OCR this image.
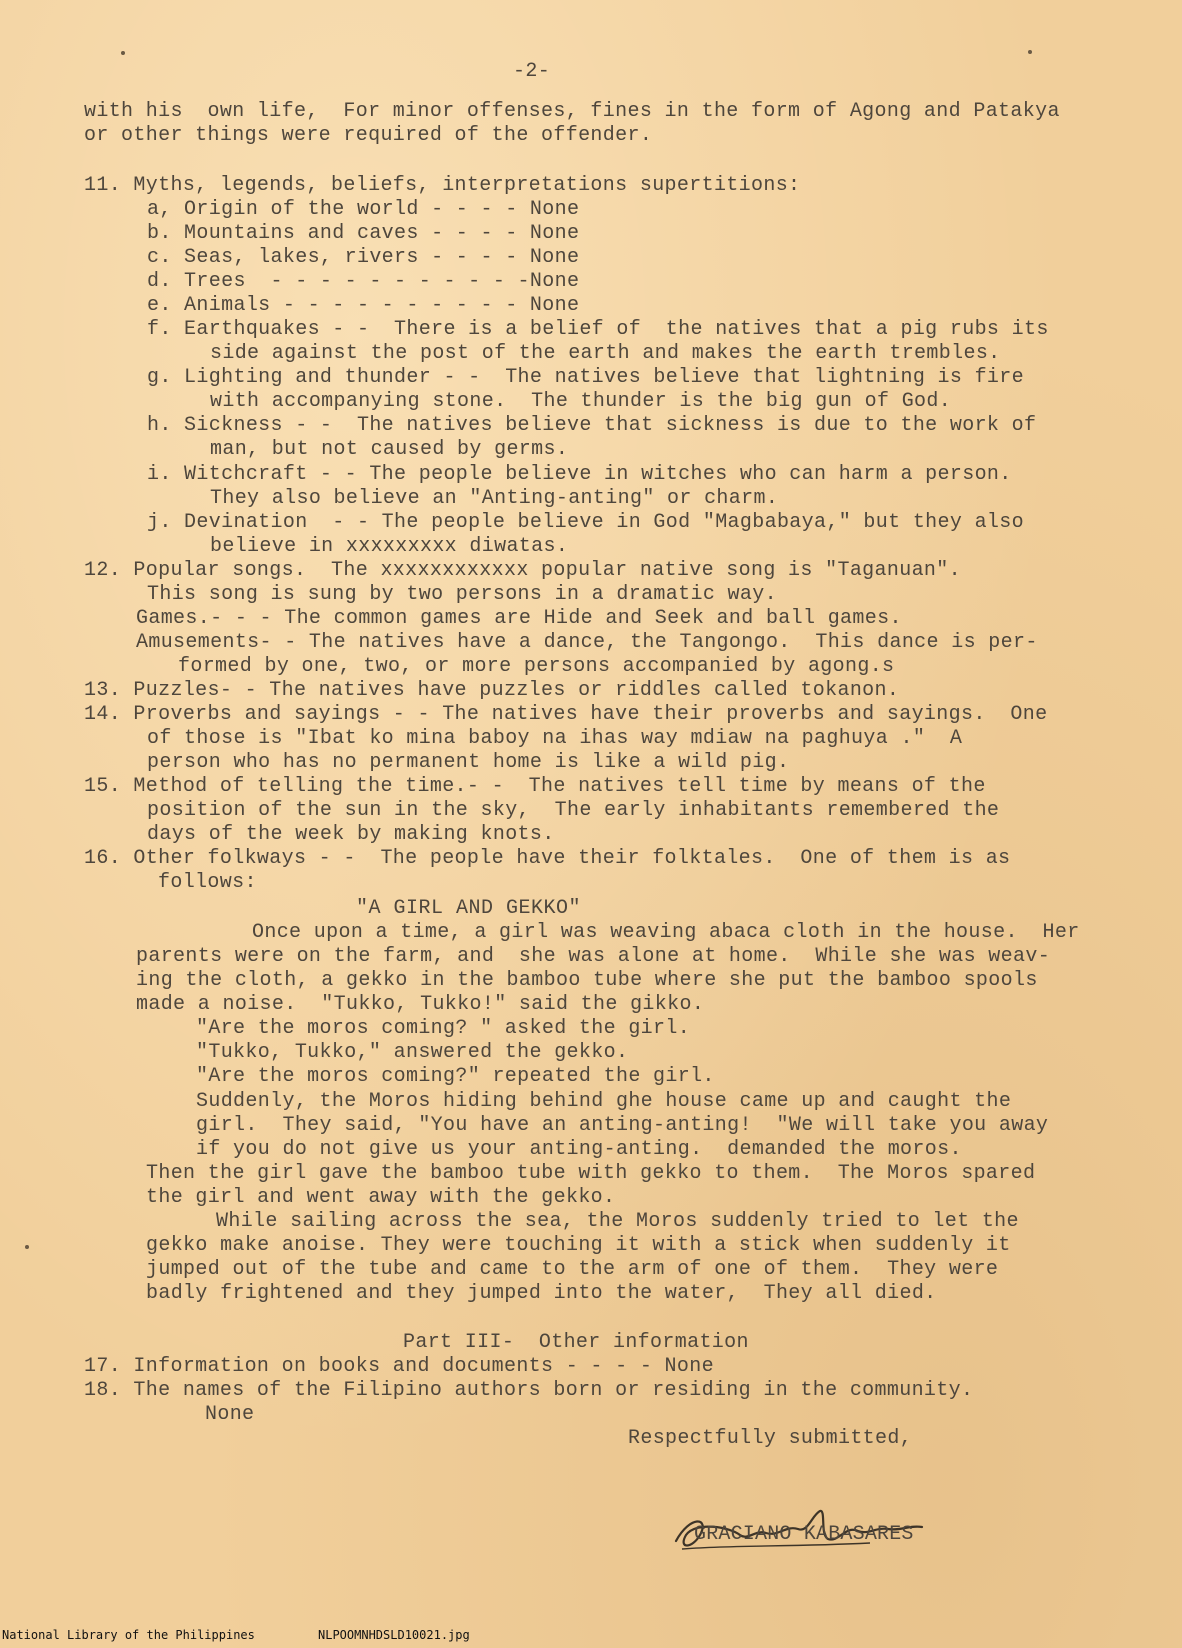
-2-
with his  own life,  For minor offenses, fines in the form of Agong and Patakya
or other things were required of the offender.
11. Myths, legends, beliefs, interpretations supertitions:
a, Origin of the world - - - - None
b. Mountains and caves - - - - None
c. Seas, lakes, rivers - - - - None
d. Trees  - - - - - - - - - - -None
e. Animals - - - - - - - - - - None
f. Earthquakes - -  There is a belief of  the natives that a pig rubs its
side against the post of the earth and makes the earth trembles.
g. Lighting and thunder - -  The natives believe that lightning is fire
with accompanying stone.  The thunder is the big gun of God.
h. Sickness - -  The natives believe that sickness is due to the work of
man, but not caused by germs.
i. Witchcraft - - The people believe in witches who can harm a person.
They also believe an "Anting-anting" or charm.
j. Devination  - - The people believe in God "Magbabaya," but they also
believe in xxxxxxxxx diwatas.
12. Popular songs.  The xxxxxxxxxxxx popular native song is "Taganuan".
This song is sung by two persons in a dramatic way.
Games.- - - The common games are Hide and Seek and ball games.
Amusements- - The natives have a dance, the Tangongo.  This dance is per-
formed by one, two, or more persons accompanied by agong.s
13. Puzzles- - The natives have puzzles or riddles called tokanon.
14. Proverbs and sayings - - The natives have their proverbs and sayings.  One
of those is "Ibat ko mina baboy na ihas way mdiaw na paghuya ."  A
person who has no permanent home is like a wild pig.
15. Method of telling the time.- -  The natives tell time by means of the
position of the sun in the sky,  The early inhabitants remembered the
days of the week by making knots.
16. Other folkways - -  The people have their folktales.  One of them is as
follows:
"A GIRL AND GEKKO"
Once upon a time, a girl was weaving abaca cloth in the house.  Her
parents were on the farm, and  she was alone at home.  While she was weav-
ing the cloth, a gekko in the bamboo tube where she put the bamboo spools
made a noise.  "Tukko, Tukko!" said the gikko.
"Are the moros coming? " asked the girl.
"Tukko, Tukko," answered the gekko.
"Are the moros coming?" repeated the girl.
Suddenly, the Moros hiding behind ghe house came up and caught the
girl.  They said, "You have an anting-anting!  "We will take you away
if you do not give us your anting-anting.  demanded the moros.
Then the girl gave the bamboo tube with gekko to them.  The Moros spared
the girl and went away with the gekko.
While sailing across the sea, the Moros suddenly tried to let the
gekko make anoise. They were touching it with a stick when suddenly it
jumped out of the tube and came to the arm of one of them.  They were
badly frightened and they jumped into the water,  They all died.
Part III-  Other information
17. Information on books and documents - - - - None
18. The names of the Filipino authors born or residing in the community.
None
Respectfully submitted,
GRACIANO KABASARES
National Library of the Philippines	NLPOOMNHDSLD10021.jpg
